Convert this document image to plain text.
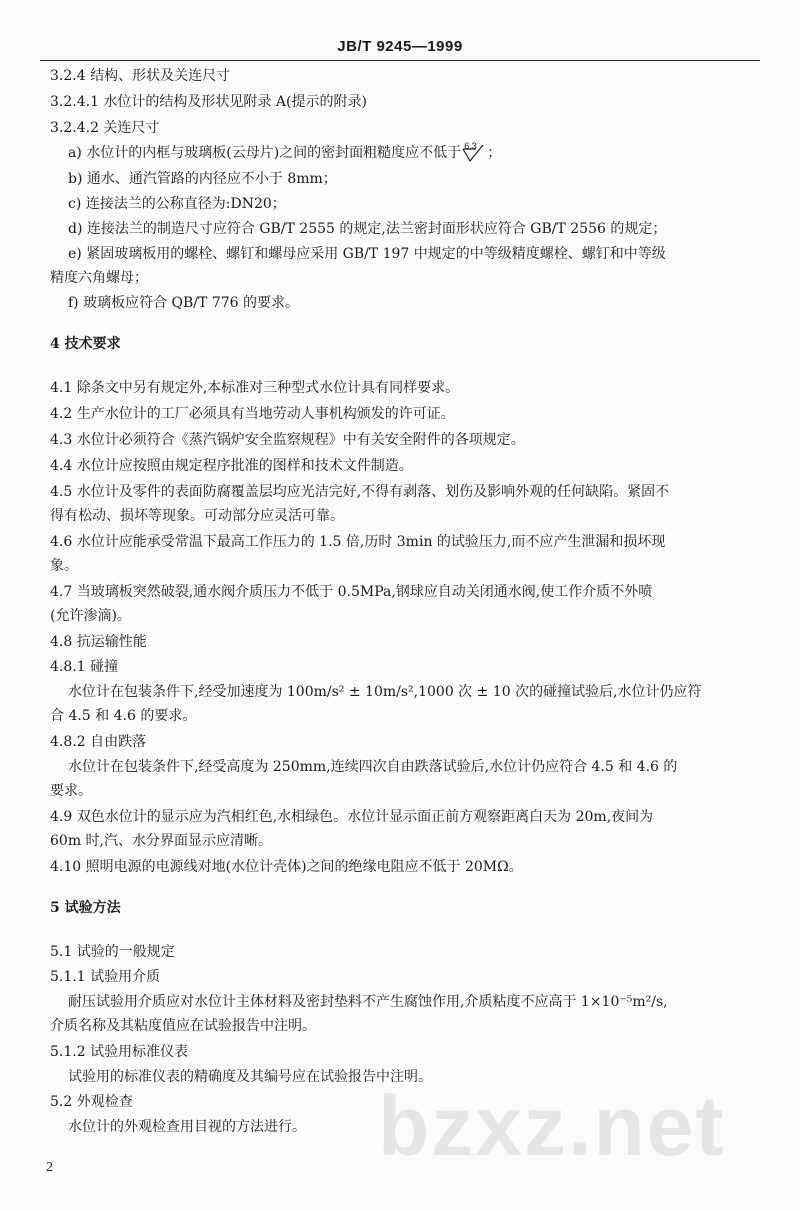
JB/T 9245—1999
3.2.4 结构、形状及关连尺寸
3.2.4.1 水位计的结构及形状见附录 A(提示的附录)
3.2.4.2 关连尺寸
a) 水位计的内框与玻璃板(云母片)之间的密封面粗糙度应不低于 6.3 ；
b) 通水、通汽管路的内径应不小于 8mm；
c) 连接法兰的公称直径为:DN20；
d) 连接法兰的制造尺寸应符合 GB/T 2555 的规定,法兰密封面形状应符合 GB/T 2556 的规定；
e) 紧固玻璃板用的螺栓、螺钉和螺母应采用 GB/T 197 中规定的中等级精度螺栓、螺钉和中等级
精度六角螺母；
f) 玻璃板应符合 QB/T 776 的要求。
4 技术要求
4.1 除条文中另有规定外,本标准对三种型式水位计具有同样要求。
4.2 生产水位计的工厂必须具有当地劳动人事机构颁发的许可证。
4.3 水位计必须符合《蒸汽锅炉安全监察规程》中有关安全附件的各项规定。
4.4 水位计应按照由规定程序批准的图样和技术文件制造。
4.5 水位计及零件的表面防腐覆盖层均应光洁完好,不得有剥落、划伤及影响外观的任何缺陷。紧固不
得有松动、损坏等现象。可动部分应灵活可靠。
4.6 水位计应能承受常温下最高工作压力的 1.5 倍,历时 3min 的试验压力,而不应产生泄漏和损坏现
象。
4.7 当玻璃板突然破裂,通水阀介质压力不低于 0.5MPa,钢球应自动关闭通水阀,使工作介质不外喷
(允许渗滴)。
4.8 抗运输性能
4.8.1 碰撞
水位计在包装条件下,经受加速度为 100m/s² ± 10m/s²,1000 次 ± 10 次的碰撞试验后,水位计仍应符
合 4.5 和 4.6 的要求。
4.8.2 自由跌落
水位计在包装条件下,经受高度为 250mm,连续四次自由跌落试验后,水位计仍应符合 4.5 和 4.6 的
要求。
4.9 双色水位计的显示应为汽相红色,水相绿色。水位计显示面正前方观察距离白天为 20m,夜间为
60m 时,汽、水分界面显示应清晰。
4.10 照明电源的电源线对地(水位计壳体)之间的绝缘电阻应不低于 20MΩ。
5 试验方法
5.1 试验的一般规定
5.1.1 试验用介质
耐压试验用介质应对水位计主体材料及密封垫料不产生腐蚀作用,介质粘度不应高于 1×10⁻⁵m²/s,
介质名称及其粘度值应在试验报告中注明。
5.1.2 试验用标准仪表
试验用的标准仪表的精确度及其编号应在试验报告中注明。
5.2 外观检查
水位计的外观检查用目视的方法进行。
2	bzxz.net
